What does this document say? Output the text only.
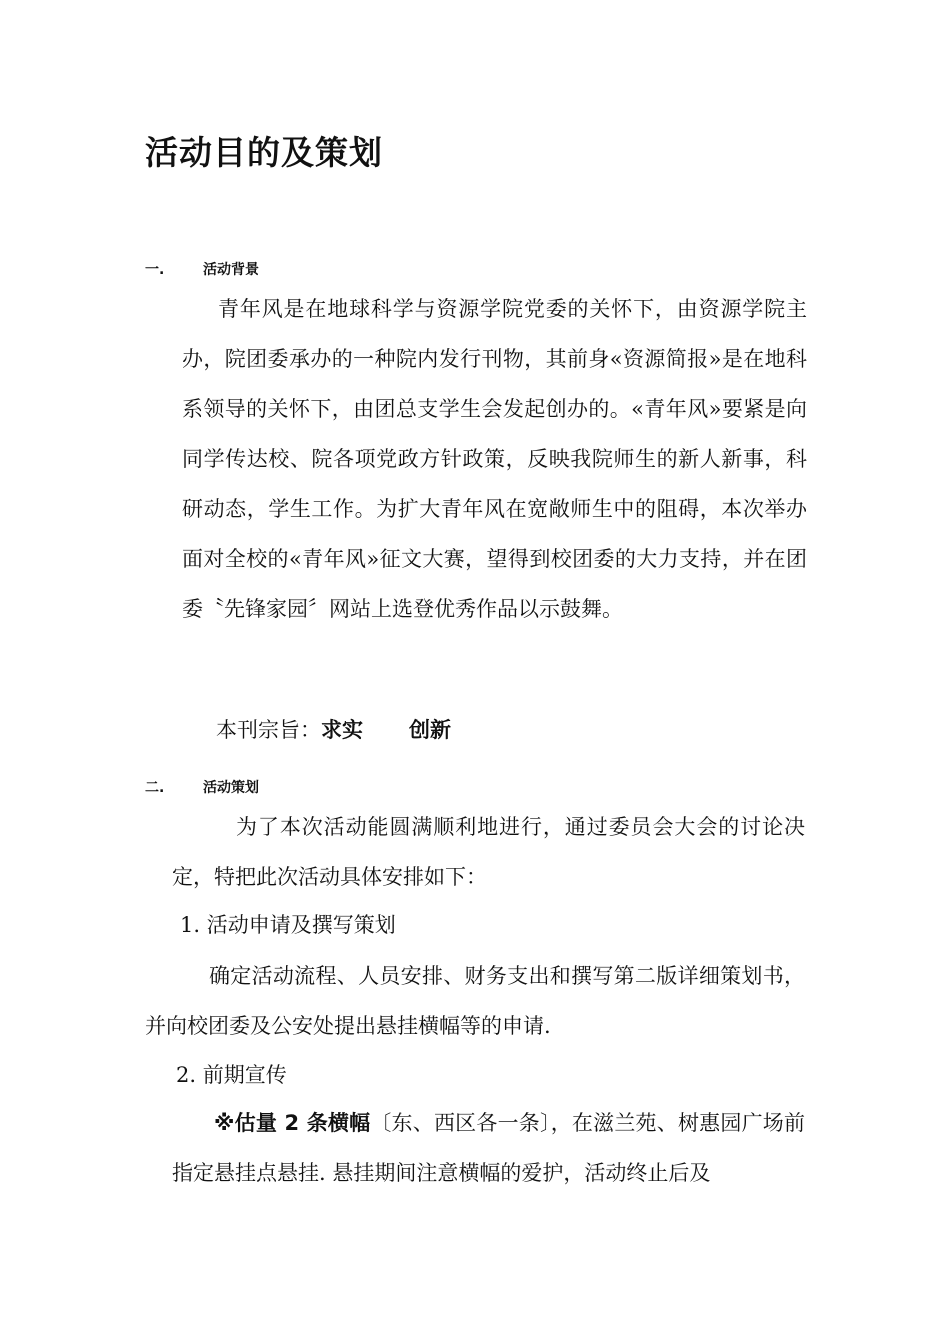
活动目的及策划
一.	活动背景

青年风是在地球科学与资源学院党委的关怀下，由资源学院主办，院团委承办的一种院内发行刊物，其前身«资源简报»是在地科系领导的关怀下，由团总支学生会发起创办的。«青年风»要紧是向同学传达校、院各项党政方针政策，反映我院师生的新人新事，科研动态，学生工作。为扩大青年风在宽敞师生中的阻碍，本次举办面对全校的«青年风»征文大赛，望得到校团委的大力支持，并在团委〝先锋家园〞网站上选登优秀作品以示鼓舞。

本刊宗旨：求实 创新
二.	活动策划

为了本次活动能圆满顺利地进行，通过委员会大会的讨论决定，特把此次活动具体安排如下：

1. 活动申请及撰写策划

确定活动流程、人员安排、财务支出和撰写第二版详细策划书，并向校团委及公安处提出悬挂横幅等的申请.

2. 前期宣传

※估量 2 条横幅〔东、西区各一条〕，在滋兰苑、树惠园广场前指定悬挂点悬挂. 悬挂期间注意横幅的爱护，活动终止后及
